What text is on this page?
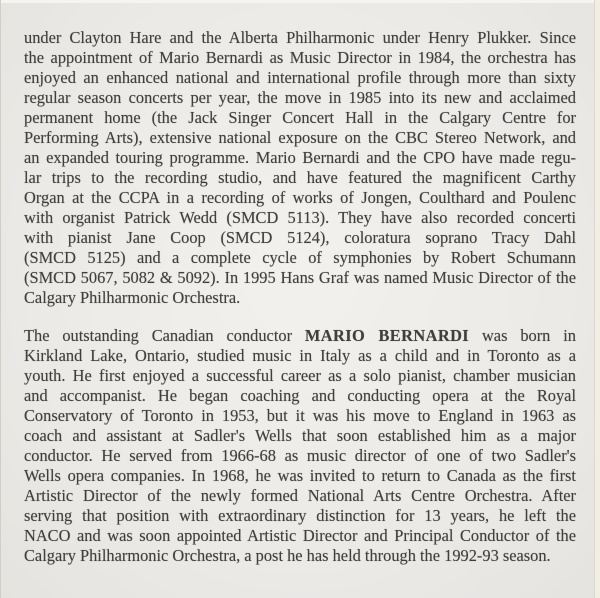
under Clayton Hare and the Alberta Philharmonic under Henry Plukker. Since
the appointment of Mario Bernardi as Music Director in 1984, the orchestra has
enjoyed an enhanced national and international profile through more than sixty
regular season concerts per year, the move in 1985 into its new and acclaimed
permanent home (the Jack Singer Concert Hall in the Calgary Centre for
Performing Arts), extensive national exposure on the CBC Stereo Network, and
an expanded touring programme. Mario Bernardi and the CPO have made regu-
lar trips to the recording studio, and have featured the magnificent Carthy
Organ at the CCPA in a recording of works of Jongen, Coulthard and Poulenc
with organist Patrick Wedd (SMCD 5113). They have also recorded concerti
with pianist Jane Coop (SMCD 5124), coloratura soprano Tracy Dahl
(SMCD 5125) and a complete cycle of symphonies by Robert Schumann
(SMCD 5067, 5082 & 5092). In 1995 Hans Graf was named Music Director of the
Calgary Philharmonic Orchestra.
The outstanding Canadian conductor MARIO BERNARDI was born in
Kirkland Lake, Ontario, studied music in Italy as a child and in Toronto as a
youth. He first enjoyed a successful career as a solo pianist, chamber musician
and accompanist. He began coaching and conducting opera at the Royal
Conservatory of Toronto in 1953, but it was his move to England in 1963 as
coach and assistant at Sadler's Wells that soon established him as a major
conductor. He served from 1966-68 as music director of one of two Sadler's
Wells opera companies. In 1968, he was invited to return to Canada as the first
Artistic Director of the newly formed National Arts Centre Orchestra. After
serving that position with extraordinary distinction for 13 years, he left the
NACO and was soon appointed Artistic Director and Principal Conductor of the
Calgary Philharmonic Orchestra, a post he has held through the 1992-93 season.
